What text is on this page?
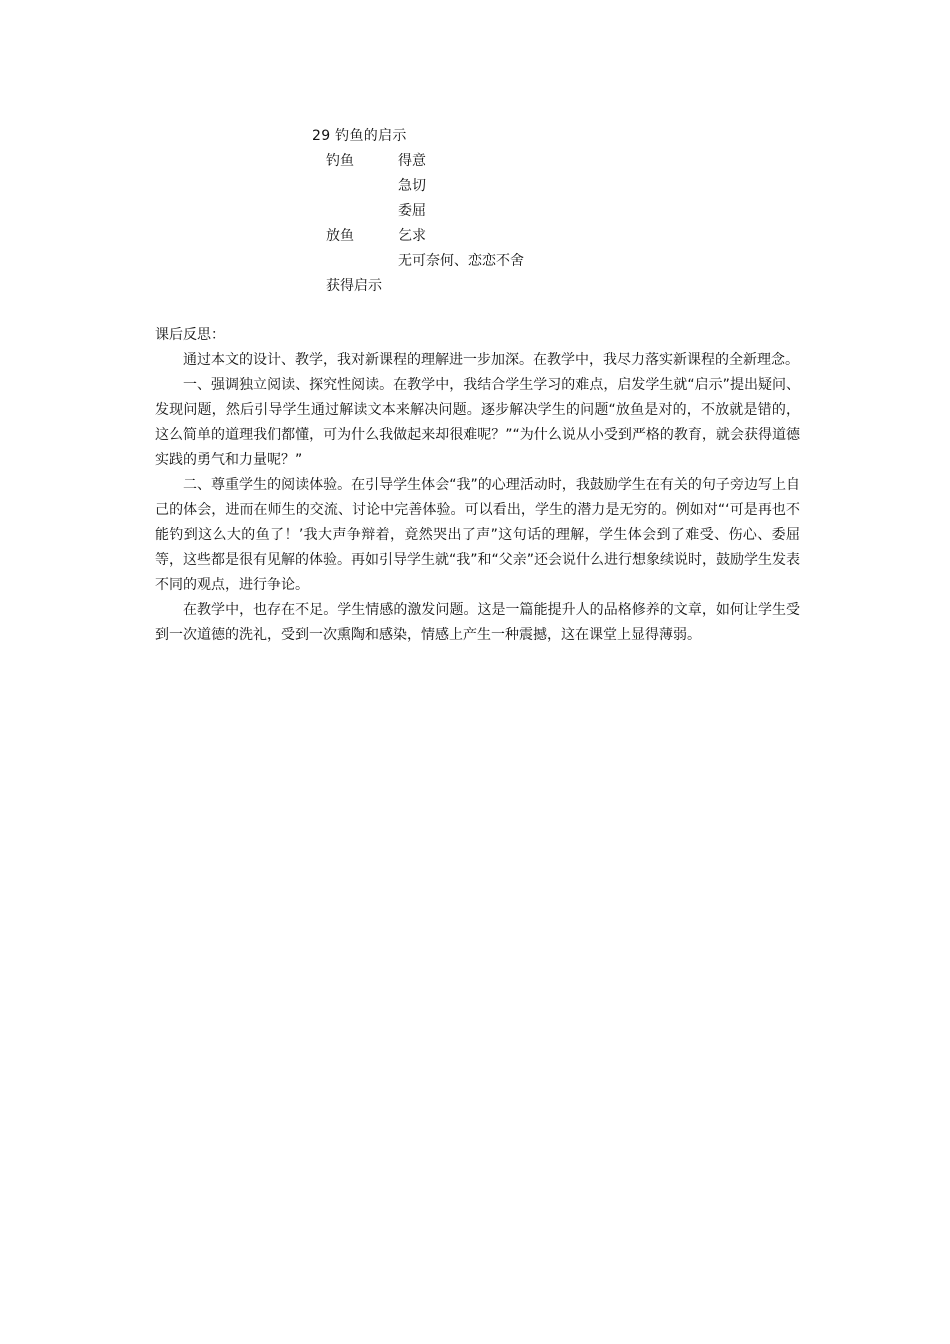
29 钓鱼的启示
钓鱼	得意
急切
委屈
放鱼	乞求
无可奈何、恋恋不舍
获得启示
课后反思：

通过本文的设计、教学，我对新课程的理解进一步加深。在教学中，我尽力落实新课程的全新理念。

一、强调独立阅读、探究性阅读。在教学中，我结合学生学习的难点，启发学生就“启示”提出疑问、发现问题，然后引导学生通过解读文本来解决问题。逐步解决学生的问题“放鱼是对的，不放就是错的，这么简单的道理我们都懂，可为什么我做起来却很难呢？”“为什么说从小受到严格的教育，就会获得道德实践的勇气和力量呢？”

二、尊重学生的阅读体验。在引导学生体会“我”的心理活动时，我鼓励学生在有关的句子旁边写上自己的体会，进而在师生的交流、讨论中完善体验。可以看出，学生的潜力是无穷的。例如对“‘可是再也不能钓到这么大的鱼了！’我大声争辩着，竟然哭出了声”这句话的理解，学生体会到了难受、伤心、委屈等，这些都是很有见解的体验。再如引导学生就“我”和“父亲”还会说什么进行想象续说时，鼓励学生发表不同的观点，进行争论。

在教学中，也存在不足。学生情感的激发问题。这是一篇能提升人的品格修养的文章，如何让学生受到一次道德的洗礼，受到一次熏陶和感染，情感上产生一种震撼，这在课堂上显得薄弱。
